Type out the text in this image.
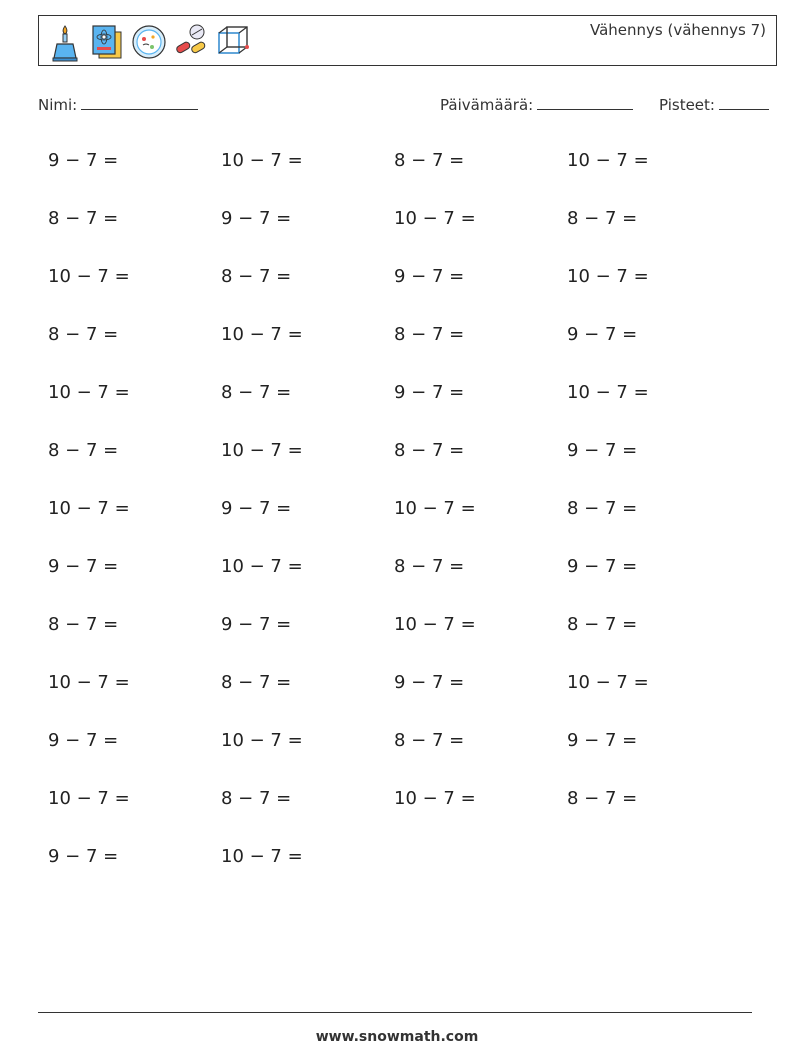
Vähennys (vähennys 7)
Nimi:	Päivämäärä:	Pisteet:
9 − 7 =	10 − 7 =	8 − 7 =	10 − 7 =
8 − 7 =	9 − 7 =	10 − 7 =	8 − 7 =
10 − 7 =	8 − 7 =	9 − 7 =	10 − 7 =
8 − 7 =	10 − 7 =	8 − 7 =	9 − 7 =
10 − 7 =	8 − 7 =	9 − 7 =	10 − 7 =
8 − 7 =	10 − 7 =	8 − 7 =	9 − 7 =
10 − 7 =	9 − 7 =	10 − 7 =	8 − 7 =
9 − 7 =	10 − 7 =	8 − 7 =	9 − 7 =
8 − 7 =	9 − 7 =	10 − 7 =	8 − 7 =
10 − 7 =	8 − 7 =	9 − 7 =	10 − 7 =
9 − 7 =	10 − 7 =	8 − 7 =	9 − 7 =
10 − 7 =	8 − 7 =	10 − 7 =	8 − 7 =
9 − 7 =	10 − 7 =
www.snowmath.com
